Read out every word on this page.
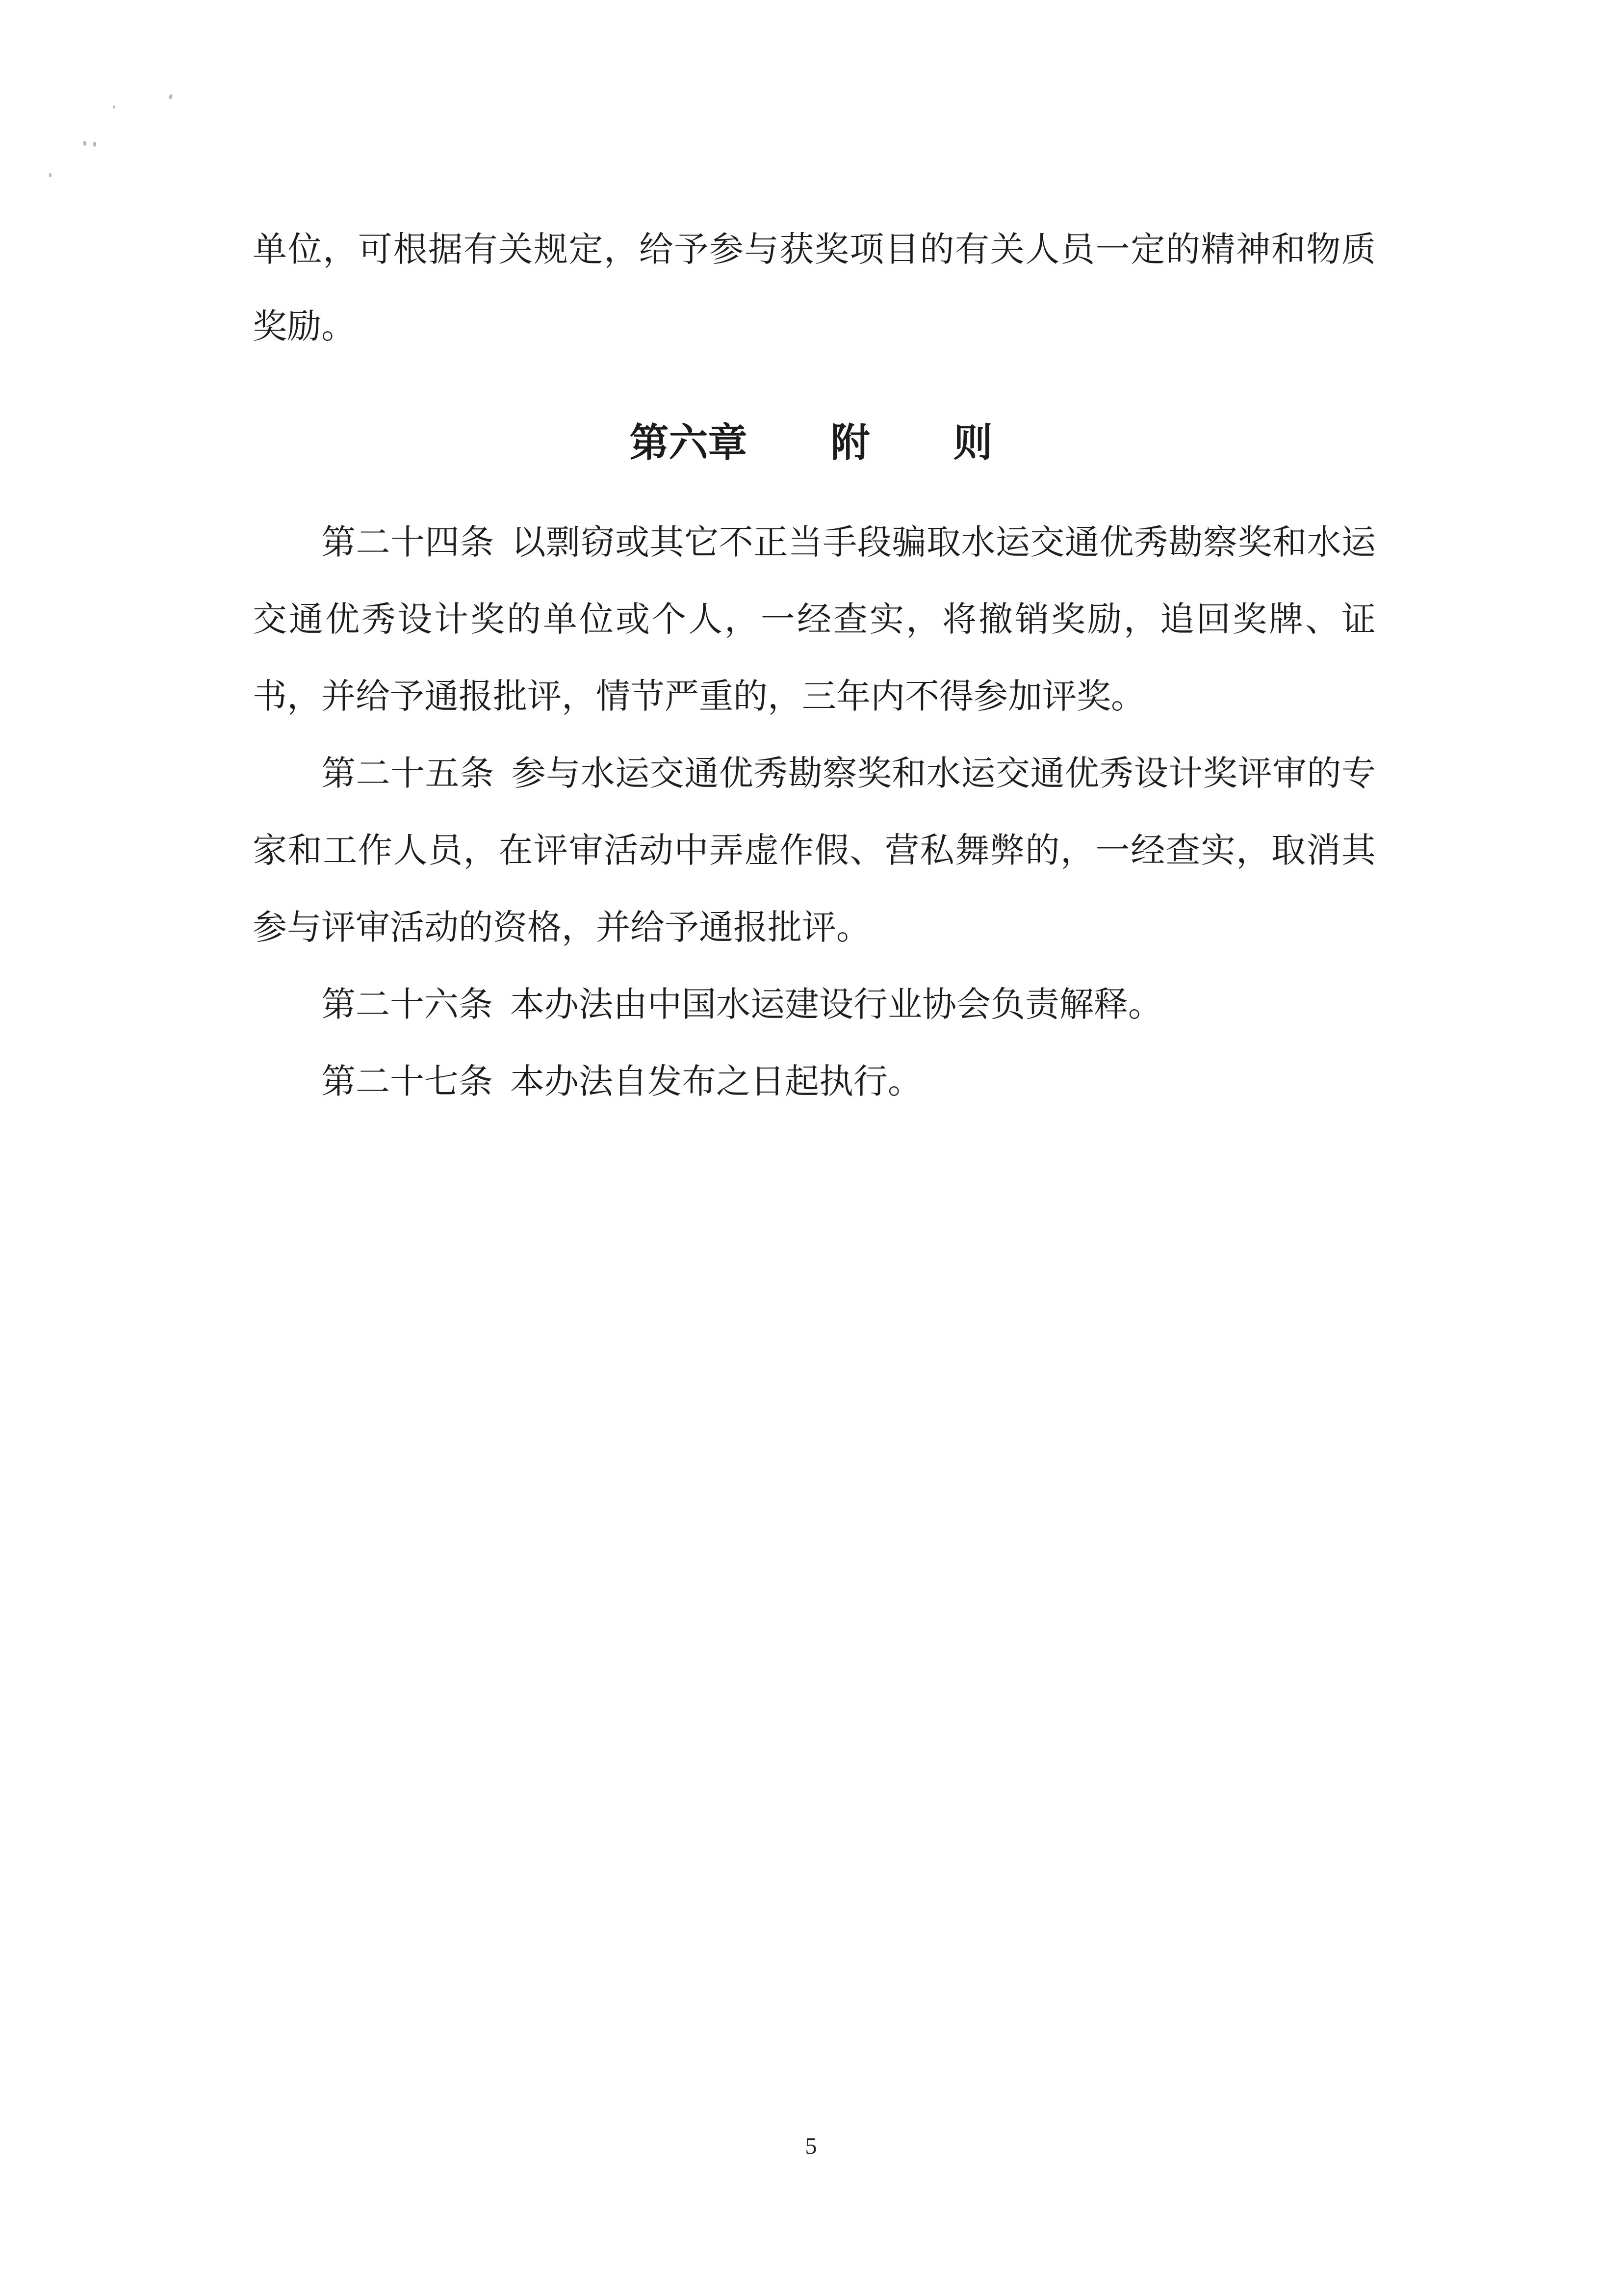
单位，可根据有关规定，给予参与获奖项目的有关人员一定的精神和物质奖励。

第六章 附 则

第二十四条 以剽窃或其它不正当手段骗取水运交通优秀勘察奖和水运交通优秀设计奖的单位或个人，一经查实，将撤销奖励，追回奖牌、证书，并给予通报批评，情节严重的，三年内不得参加评奖。

第二十五条 参与水运交通优秀勘察奖和水运交通优秀设计奖评审的专家和工作人员，在评审活动中弄虚作假、营私舞弊的，一经查实，取消其参与评审活动的资格，并给予通报批评。

第二十六条 本办法由中国水运建设行业协会负责解释。

第二十七条 本办法自发布之日起执行。

5
